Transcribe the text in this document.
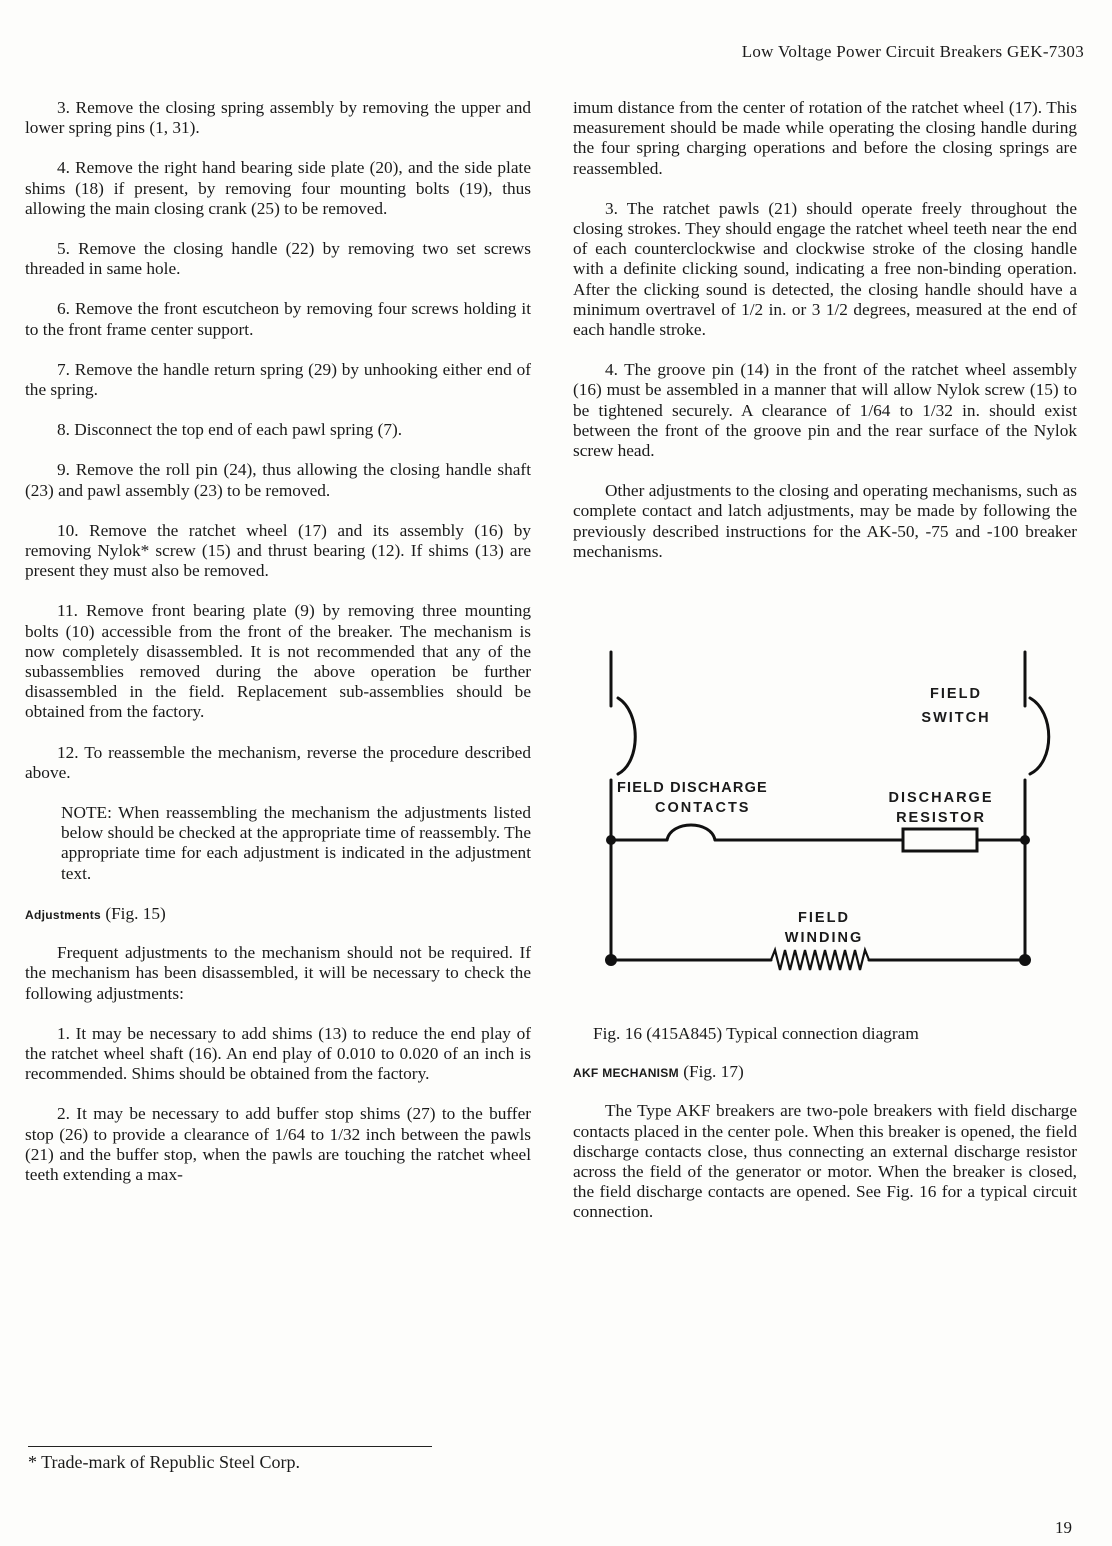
Low Voltage Power Circuit Breakers GEK-7303

3. Remove the closing spring assembly by removing the upper and lower spring pins (1, 31).

4. Remove the right hand bearing side plate (20), and the side plate shims (18) if present, by removing four mounting bolts (19), thus allowing the main closing crank (25) to be removed.

5. Remove the closing handle (22) by removing two set screws threaded in same hole.

6. Remove the front escutcheon by removing four screws holding it to the front frame center support.

7. Remove the handle return spring (29) by unhooking either end of the spring.

8. Disconnect the top end of each pawl spring (7).

9. Remove the roll pin (24), thus allowing the closing handle shaft (23) and pawl assembly (23) to be removed.

10. Remove the ratchet wheel (17) and its assembly (16) by removing Nylok* screw (15) and thrust bearing (12). If shims (13) are present they must also be removed.

11. Remove front bearing plate (9) by removing three mounting bolts (10) accessible from the front of the breaker. The mechanism is now completely disassembled. It is not recommended that any of the subassemblies removed during the above operation be further disassembled in the field. Replacement sub-assemblies should be obtained from the factory.

12. To reassemble the mechanism, reverse the procedure described above.

NOTE: When reassembling the mechanism the adjustments listed below should be checked at the appropriate time of reassembly. The appropriate time for each adjustment is indicated in the adjustment text.

Adjustments (Fig. 15)

Frequent adjustments to the mechanism should not be required. If the mechanism has been disassembled, it will be necessary to check the following adjustments:

1. It may be necessary to add shims (13) to reduce the end play of the ratchet wheel shaft (16). An end play of 0.010 to 0.020 of an inch is recommended. Shims should be obtained from the factory.

2. It may be necessary to add buffer stop shims (27) to the buffer stop (26) to provide a clearance of 1/64 to 1/32 inch between the pawls (21) and the buffer stop, when the pawls are touching the ratchet wheel teeth extending a max-

imum distance from the center of rotation of the ratchet wheel (17). This measurement should be made while operating the closing handle during the four spring charging operations and before the closing springs are reassembled.

3. The ratchet pawls (21) should operate freely throughout the closing strokes. They should engage the ratchet wheel teeth near the end of each counterclockwise and clockwise stroke of the closing handle with a definite clicking sound, indicating a free non-binding operation. After the clicking sound is detected, the closing handle should have a minimum overtravel of 1/2 in. or 3 1/2 degrees, measured at the end of each handle stroke.

4. The groove pin (14) in the front of the ratchet wheel assembly (16) must be assembled in a manner that will allow Nylok screw (15) to be tightened securely. A clearance of 1/64 to 1/32 in. should exist between the front of the groove pin and the rear surface of the Nylok screw head.

Other adjustments to the closing and operating mechanisms, such as complete contact and latch adjustments, may be made by following the previously described instructions for the AK-50, -75 and -100 breaker mechanisms.

FIELD
SWITCH
FIELD DISCHARGE
CONTACTS
DISCHARGE
RESISTOR
FIELD
WINDING

Fig. 16 (415A845) Typical connection diagram

AKF MECHANISM (Fig. 17)

The Type AKF breakers are two-pole breakers with field discharge contacts placed in the center pole. When this breaker is opened, the field discharge contacts close, thus connecting an external discharge resistor across the field of the generator or motor. When the breaker is closed, the field discharge contacts are opened. See Fig. 16 for a typical circuit connection.

* Trade-mark of Republic Steel Corp.
19
